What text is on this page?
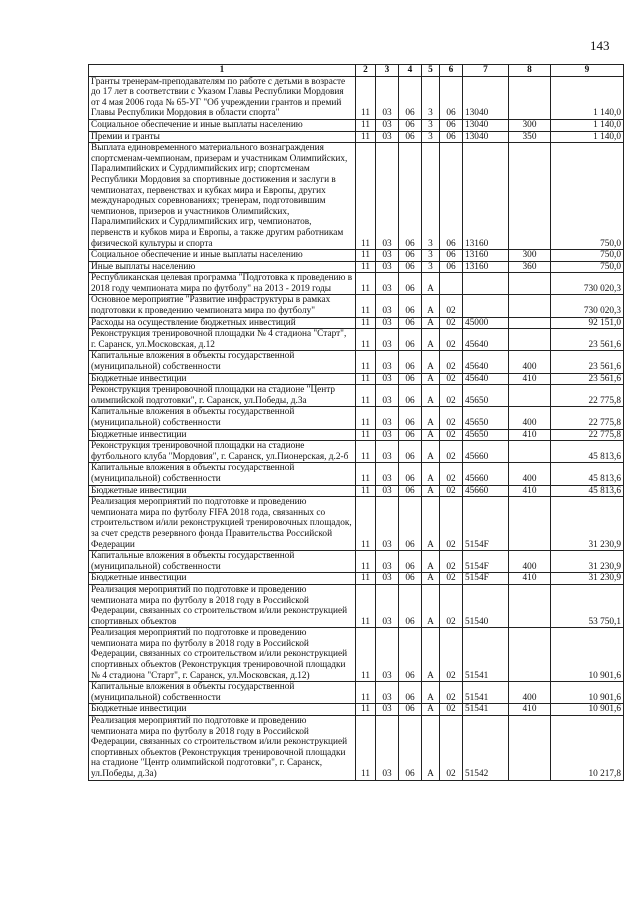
143
1	2	3	4	5	6	7	8	9
Гранты тренерам-преподавателям по работе с детьми в возрасте до 17 лет в соответствии с Указом Главы Республики Мордовия от 4 мая 2006 года № 65-УГ "Об учреждении грантов и премий Главы Республики Мордовия в области спорта"	11	03	06	3	06	13040		1 140,0
Социальное обеспечение и иные выплаты населению	11	03	06	3	06	13040	300	1 140,0
Премии и гранты	11	03	06	3	06	13040	350	1 140,0
Выплата единовременного материального вознаграждения спортсменам-чемпионам, призерам и участникам Олимпийских, Паралимпийских и Сурдлимпийских игр; спортсменам Республики Мордовия за спортивные достижения и заслуги в чемпионатах, первенствах и кубках мира и Европы, других международных соревнованиях; тренерам, подготовившим чемпионов, призеров и участников Олимпийских, Паралимпийских и Сурдлимпийских игр, чемпионатов, первенств и кубков мира и Европы, а также другим работникам физической культуры и спорта	11	03	06	3	06	13160		750,0
Социальное обеспечение и иные выплаты населению	11	03	06	3	06	13160	300	750,0
Иные выплаты населению	11	03	06	3	06	13160	360	750,0
Республиканская целевая программа "Подготовка к проведению в 2018 году чемпионата мира по футболу" на 2013 - 2019 годы	11	03	06	А				730 020,3
Основное мероприятие "Развитие инфраструктуры в рамках подготовки к проведению чемпионата мира по футболу"	11	03	06	А	02			730 020,3
Расходы на осуществление бюджетных инвестиций	11	03	06	А	02	45000		92 151,0
Реконструкция тренировочной площадки № 4 стадиона "Старт", г. Саранск, ул.Московская, д.12	11	03	06	А	02	45640		23 561,6
Капитальные вложения в объекты государственной (муниципальной) собственности	11	03	06	А	02	45640	400	23 561,6
Бюджетные инвестиции	11	03	06	А	02	45640	410	23 561,6
Реконструкция тренировочной площадки на стадионе "Центр олимпийской подготовки", г. Саранск, ул.Победы, д.3а	11	03	06	А	02	45650		22 775,8
Капитальные вложения в объекты государственной (муниципальной) собственности	11	03	06	А	02	45650	400	22 775,8
Бюджетные инвестиции	11	03	06	А	02	45650	410	22 775,8
Реконструкция тренировочной площадки на стадионе футбольного клуба "Мордовия", г. Саранск, ул.Пионерская, д.2-б	11	03	06	А	02	45660		45 813,6
Капитальные вложения в объекты государственной (муниципальной) собственности	11	03	06	А	02	45660	400	45 813,6
Бюджетные инвестиции	11	03	06	А	02	45660	410	45 813,6
Реализация мероприятий по подготовке и проведению чемпионата мира по футболу FIFA 2018 года, связанных со строительством и/или реконструкцией тренировочных площадок, за счет средств резервного фонда Правительства Российской Федерации	11	03	06	А	02	5154F		31 230,9
Капитальные вложения в объекты государственной (муниципальной) собственности	11	03	06	А	02	5154F	400	31 230,9
Бюджетные инвестиции	11	03	06	А	02	5154F	410	31 230,9
Реализация мероприятий по подготовке и проведению чемпионата мира по футболу в 2018 году в Российской Федерации, связанных со строительством и/или реконструкцией спортивных объектов	11	03	06	А	02	51540		53 750,1
Реализация мероприятий по подготовке и проведению чемпионата мира по футболу в 2018 году в Российской Федерации, связанных со строительством и/или реконструкцией спортивных объектов (Реконструкция тренировочной площадки № 4 стадиона "Старт", г. Саранск, ул.Московская, д.12)	11	03	06	А	02	51541		10 901,6
Капитальные вложения в объекты государственной (муниципальной) собственности	11	03	06	А	02	51541	400	10 901,6
Бюджетные инвестиции	11	03	06	А	02	51541	410	10 901,6
Реализация мероприятий по подготовке и проведению чемпионата мира по футболу в 2018 году в Российской Федерации, связанных со строительством и/или реконструкцией спортивных объектов (Реконструкция тренировочной площадки на стадионе "Центр олимпийской подготовки", г. Саранск, ул.Победы, д.3а)	11	03	06	А	02	51542		10 217,8
